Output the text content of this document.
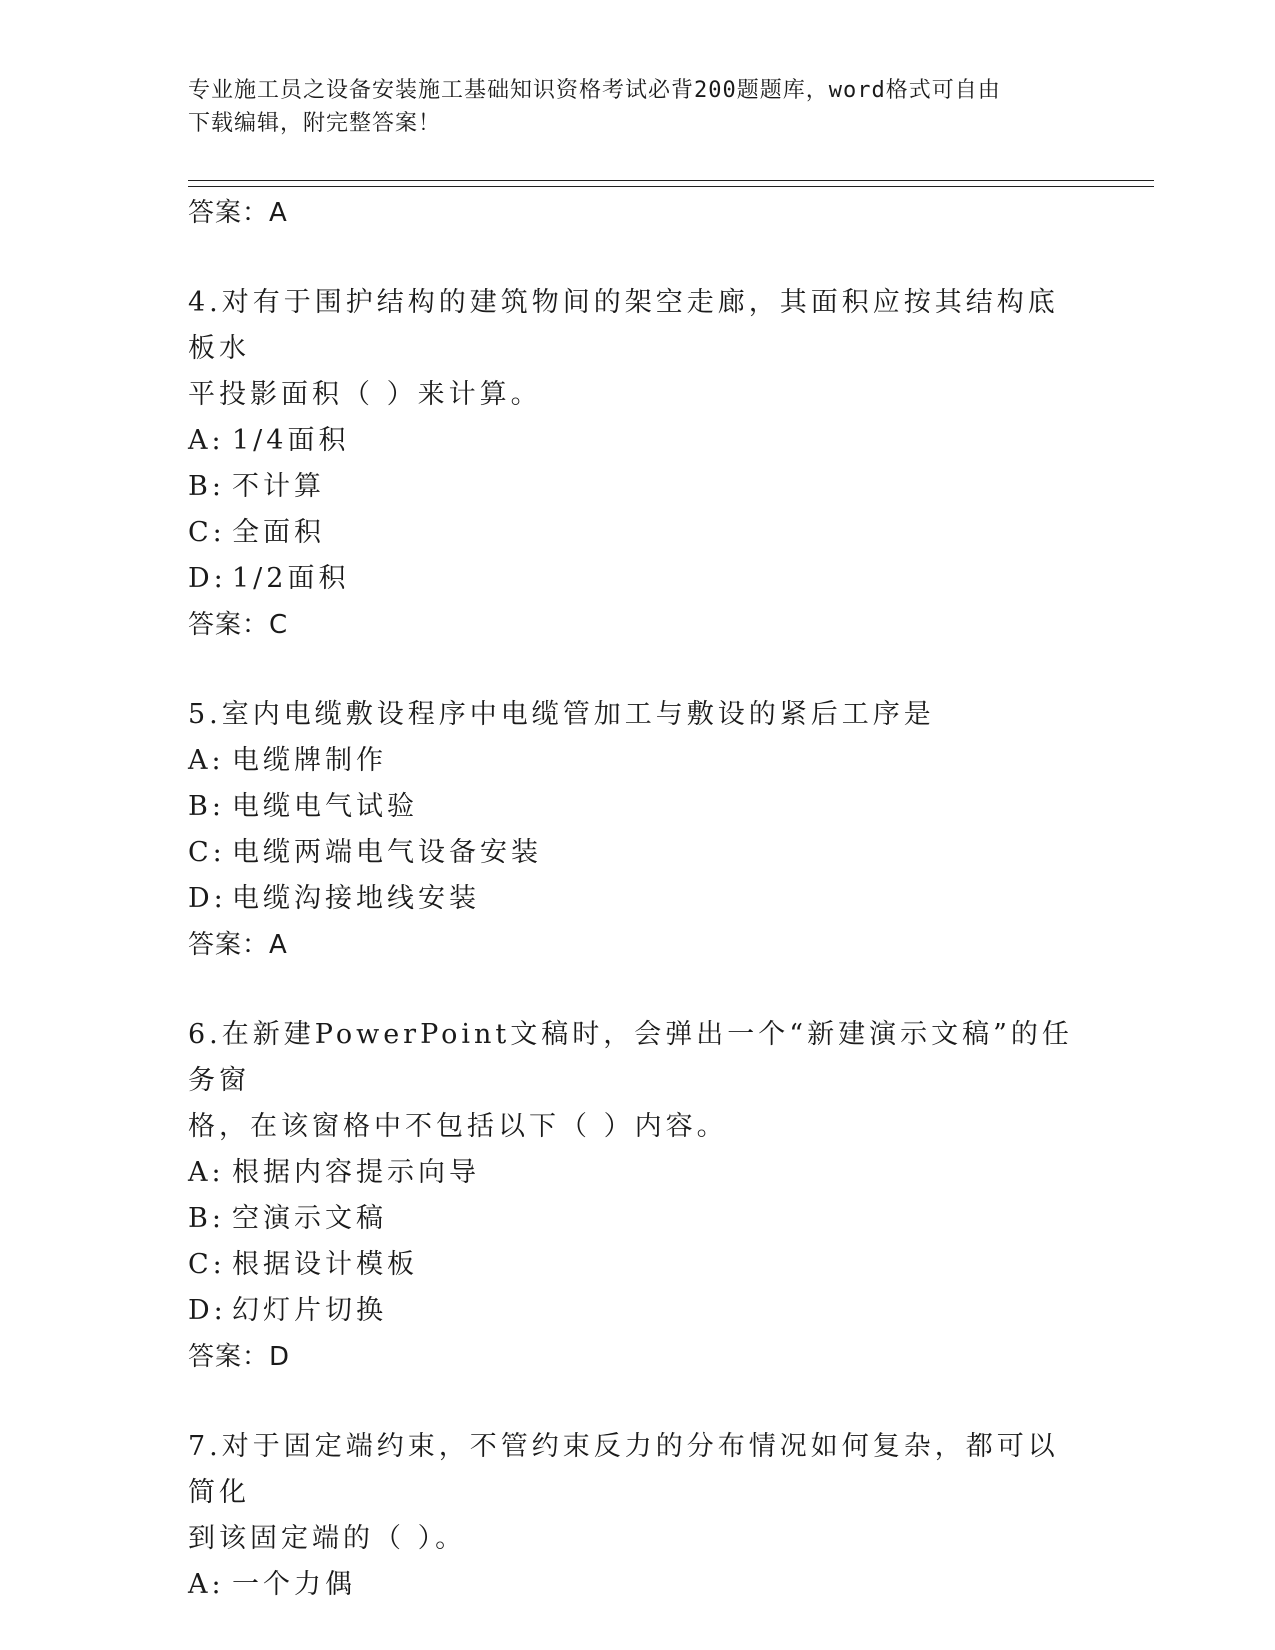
专业施工员之设备安装施工基础知识资格考试必背200题题库，word格式可自由
下载编辑，附完整答案！
答案：A
4.对有于围护结构的建筑物间的架空走廊，其面积应按其结构底板水
平投影面积（ ）来计算。
A: 1/4面积
B: 不计算
C: 全面积
D: 1/2面积
答案：C
5.室内电缆敷设程序中电缆管加工与敷设的紧后工序是
A: 电缆牌制作
B: 电缆电气试验
C: 电缆两端电气设备安装
D: 电缆沟接地线安装
答案：A
6.在新建PowerPoint文稿时，会弹出一个“新建演示文稿”的任务窗
格，在该窗格中不包括以下（ ）内容。
A: 根据内容提示向导
B: 空演示文稿
C: 根据设计模板
D: 幻灯片切换
答案：D
7.对于固定端约束，不管约束反力的分布情况如何复杂，都可以简化
到该固定端的（ ）。
A: 一个力偶
